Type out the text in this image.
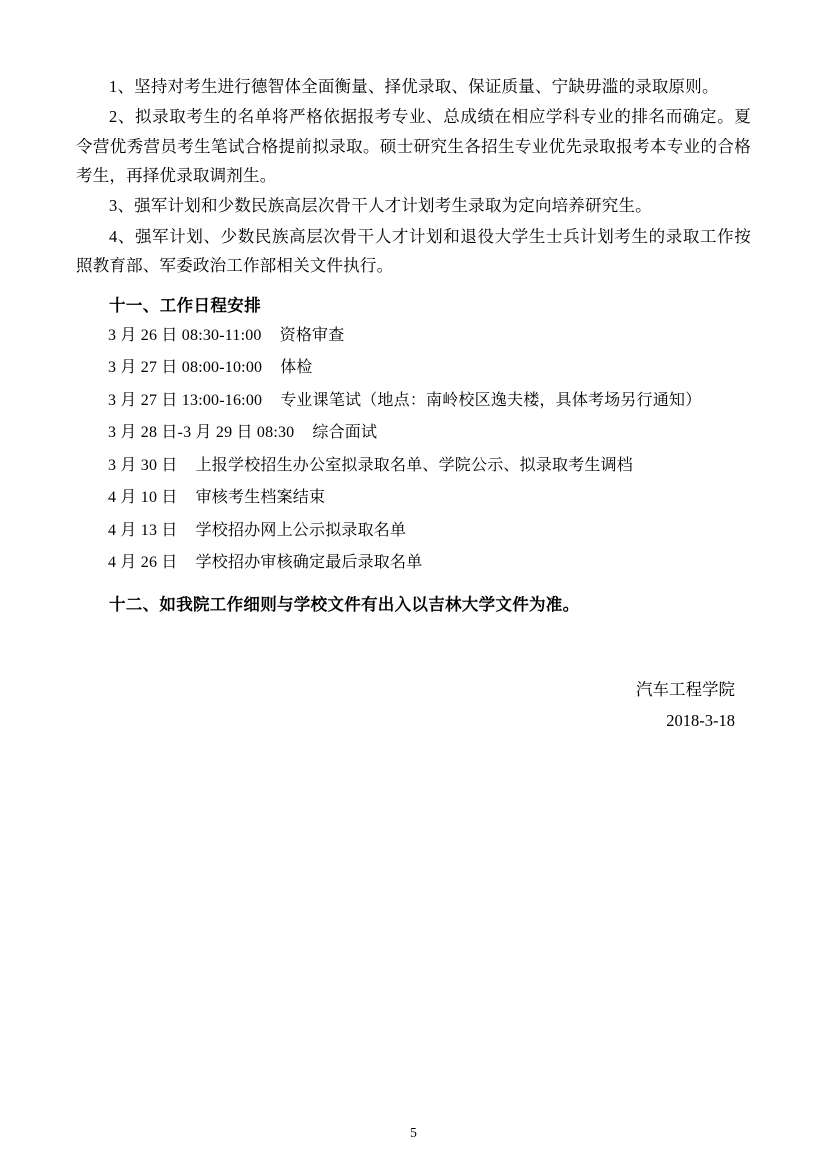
1、坚持对考生进行德智体全面衡量、择优录取、保证质量、宁缺毋滥的录取原则。

2、拟录取考生的名单将严格依据报考专业、总成绩在相应学科专业的排名而确定。夏令营优秀营员考生笔试合格提前拟录取。硕士研究生各招生专业优先录取报考本专业的合格考生，再择优录取调剂生。

3、强军计划和少数民族高层次骨干人才计划考生录取为定向培养研究生。

4、强军计划、少数民族高层次骨干人才计划和退役大学生士兵计划考生的录取工作按照教育部、军委政治工作部相关文件执行。

十一、工作日程安排

3 月 26 日 08:30-11:00 资格审查
3 月 27 日 08:00-10:00 体检
3 月 27 日 13:00-16:00 专业课笔试（地点：南岭校区逸夫楼，具体考场另行通知）
3 月 28 日-3 月 29 日 08:30 综合面试
3 月 30 日 上报学校招生办公室拟录取名单、学院公示、拟录取考生调档
4 月 10 日 审核考生档案结束
4 月 13 日 学校招办网上公示拟录取名单
4 月 26 日 学校招办审核确定最后录取名单

十二、如我院工作细则与学校文件有出入以吉林大学文件为准。

汽车工程学院
2018-3-18
5
